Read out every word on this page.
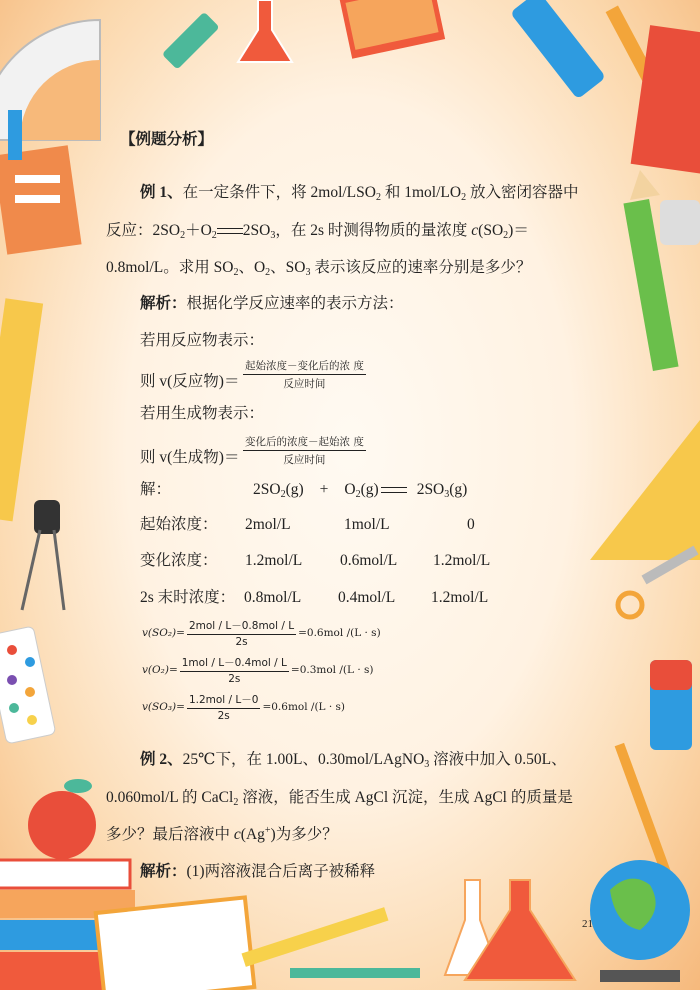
【例题分析】
例 1、在一定条件下，将 $2mol/LSO_2$ 和 $1mol/LO_2$ 放入密闭容器中
反应：$2SO_2+O_2$ $2SO_3$，在 2s 时测得物质的量浓度 $c(SO_2)=$
0.8mol/L。求用 $SO_2$、$O_2$、$SO_3$ 表示该反应的速率分别是多少？
解析：根据化学反应速率的表示方法：
若用反应物表示：
则 v(反应物)＝
起始浓度－变化后的浓 度
反应时间
若用生成物表示：
则 v(生成物)＝
变化后的浓度－起始浓 度
反应时间
解：	$2SO_2(g) + O_2(g)$ $2SO_3(g)$
起始浓度： 2mol/L	1mol/L	0
变化浓度： 1.2mol/L 0.6mol/L 1.2mol/L
2s 末时浓度： 0.8mol/L 0.4mol/L 1.2mol/L
$v(SO_2)= \frac{\text{2mol / L－0.8mol / L}}{2s} =0.6mol$ /(L · s)
$v(O_2)= \frac{\text{1mol / L－0.4mol / L}}{2s} =0.3mol$ /(L · s)
$v(SO_3)= \frac{\text{1.2mol / L－0}}{2s} =0.6mol$ /(L · s)
例 2、25℃下，在 1.00L、0.30mol/LAgNO$_3$ 溶液中加入 0.50L、
0.060mol/L 的 CaCl$_2$ 溶液，能否生成 AgCl 沉淀，生成 AgCl 的质量是
多少？最后溶液中 c(Ag+)为多少？
解析：(1)两溶液混合后离子被稀释
21
